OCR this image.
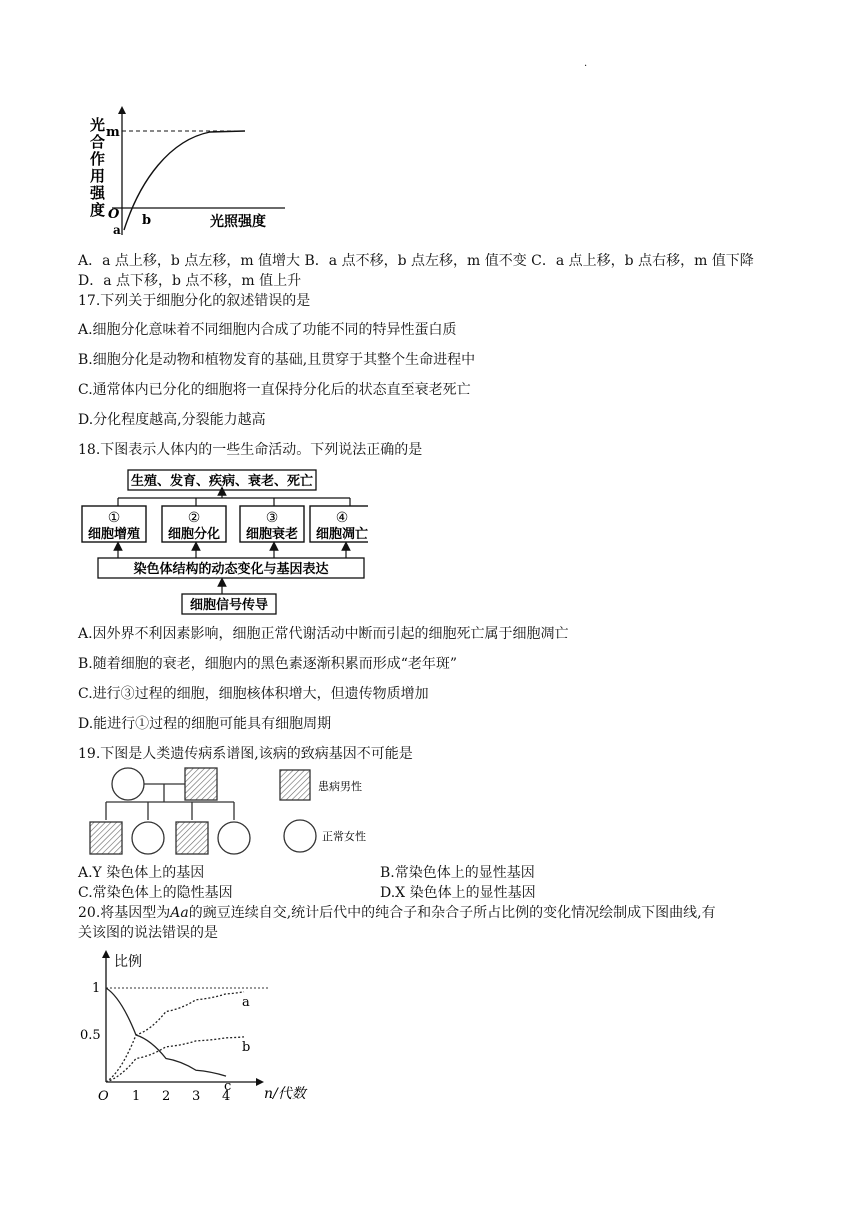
.
光
合
作
用
强
度
m
O
a
b	光照强度
A．a 点上移，b 点左移，m 值增大 B．a 点不移，b 点左移，m 值不变 C．a 点上移，b 点右移，m 值下降
D．a 点下移，b 点不移，m 值上升
17.下列关于细胞分化的叙述错误的是
A.细胞分化意味着不同细胞内合成了功能不同的特异性蛋白质
B.细胞分化是动物和植物发育的基础,且贯穿于其整个生命进程中
C.通常体内已分化的细胞将一直保持分化后的状态直至衰老死亡
D.分化程度越高,分裂能力越高
18.下图表示人体内的一些生命活动。下列说法正确的是
生殖、发育、疾病、衰老、死亡
①
细胞增殖
②
细胞分化
③
细胞衰老
④
细胞凋亡
染色体结构的动态变化与基因表达
细胞信号传导
A.因外界不利因素影响，细胞正常代谢活动中断而引起的细胞死亡属于细胞凋亡
B.随着细胞的衰老，细胞内的黑色素逐渐积累而形成“老年斑”
C.进行③过程的细胞，细胞核体积增大，但遗传物质增加
D.能进行①过程的细胞可能具有细胞周期
19.下图是人类遗传病系谱图,该病的致病基因不可能是
患病男性
正常女性
A.Y 染色体上的基因	B.常染色体上的显性基因
C.常染色体上的隐性基因	D.X 染色体上的显性基因
20.将基因型为Aa的豌豆连续自交,统计后代中的纯合子和杂合子所占比例的变化情况绘制成下图曲线,有
关该图的说法错误的是
比例
n/代数
O 1 2 3 4
1
0.5
a
b
c
